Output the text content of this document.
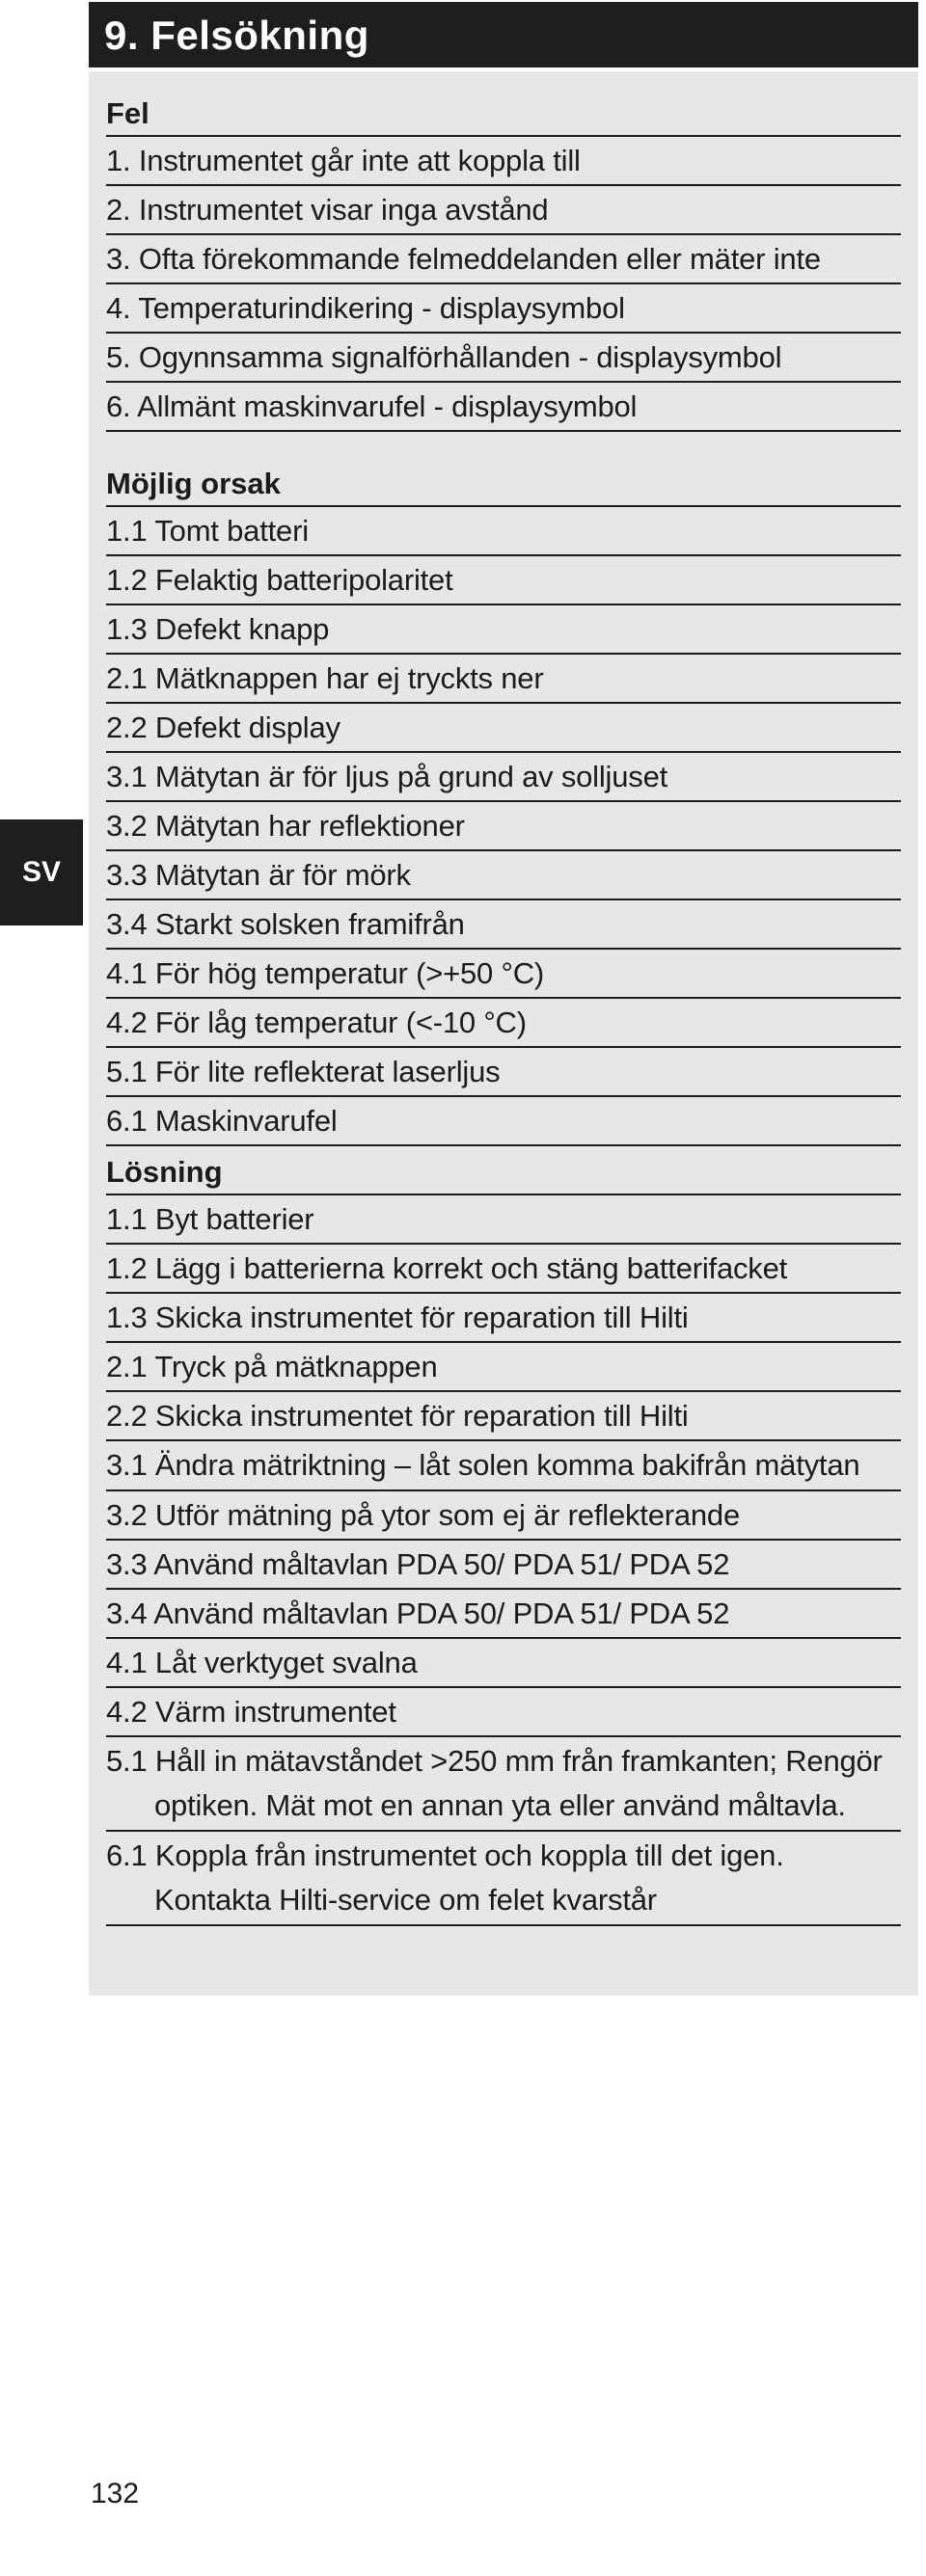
9. Felsökning
SV
Fel
1. Instrumentet går inte att koppla till
2. Instrumentet visar inga avstånd
3. Ofta förekommande felmeddelanden eller mäter inte
4. Temperaturindikering - displaysymbol
5. Ogynnsamma signalförhållanden - displaysymbol
6. Allmänt maskinvarufel - displaysymbol
Möjlig orsak
1.1 Tomt batteri
1.2 Felaktig batteripolaritet
1.3 Defekt knapp
2.1 Mätknappen har ej tryckts ner
2.2 Defekt display
3.1 Mätytan är för ljus på grund av solljuset
3.2 Mätytan har reflektioner
3.3 Mätytan är för mörk
3.4 Starkt solsken framifrån
4.1 För hög temperatur (>+50 °C)
4.2 För låg temperatur (<-10 °C)
5.1 För lite reflekterat laserljus
6.1 Maskinvarufel
Lösning
1.1 Byt batterier
1.2 Lägg i batterierna korrekt och stäng batterifacket
1.3 Skicka instrumentet för reparation till Hilti
2.1 Tryck på mätknappen
2.2 Skicka instrumentet för reparation till Hilti
3.1 Ändra mätriktning – låt solen komma bakifrån mätytan
3.2 Utför mätning på ytor som ej är reflekterande
3.3 Använd måltavlan PDA 50/ PDA 51/ PDA 52
3.4 Använd måltavlan PDA 50/ PDA 51/ PDA 52
4.1 Låt verktyget svalna
4.2 Värm instrumentet
5.1 Håll in mätavståndet >250 mm från framkanten; Rengör optiken. Mät mot en annan yta eller använd måltavla.
6.1 Koppla från instrumentet och koppla till det igen. Kontakta Hilti-service om felet kvarstår
132
